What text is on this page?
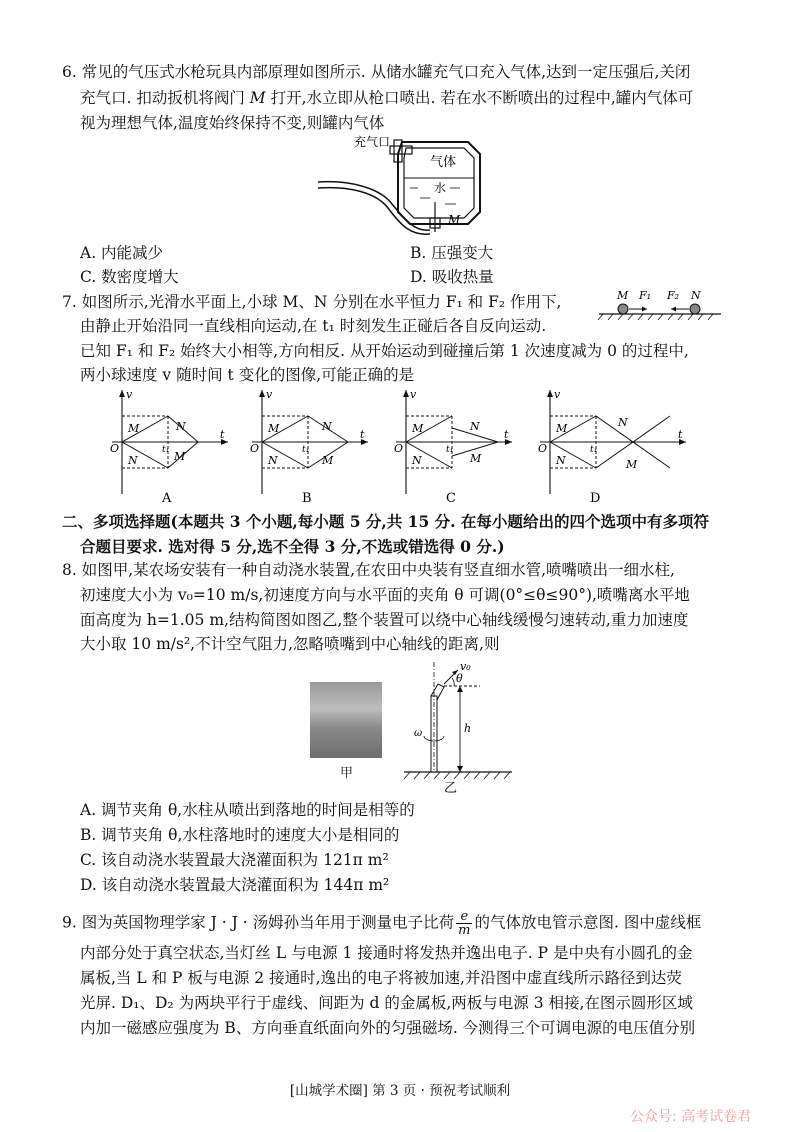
6. 常见的气压式水枪玩具内部原理如图所示. 从储水罐充气口充入气体,达到一定压强后,关闭
充气口. 扣动扳机将阀门 M 打开,水立即从枪口喷出. 若在水不断喷出的过程中,罐内气体可
视为理想气体,温度始终保持不变,则罐内气体
充气口
气体
水
M
A. 内能减少	B. 压强变大
C. 数密度增大	D. 吸收热量
7. 如图所示,光滑水平面上,小球 M、N 分别在水平恒力 F₁ 和 F₂ 作用下,
由静止开始沿同一直线相向运动,在 t₁ 时刻发生正碰后各自反向运动.
已知 F₁ 和 F₂ 始终大小相等,方向相反. 从开始运动到碰撞后第 1 次速度减为 0 的过程中,
两小球速度 v 随时间 t 变化的图像,可能正确的是
M F₁ F₂ N
v
t
O
M	N
N	M
t₁
A
v
t
O
M	N
N	M
t₁
B
v
t
O
M	N
N	M
t₁
C
v
t
O
M	N
N	M
t₁
D
二、多项选择题(本题共 3 个小题,每小题 5 分,共 15 分. 在每小题给出的四个选项中有多项符
合题目要求. 选对得 5 分,选不全得 3 分,不选或错选得 0 分.)
8. 如图甲,某农场安装有一种自动浇水装置,在农田中央装有竖直细水管,喷嘴喷出一细水柱,
初速度大小为 v₀=10 m/s,初速度方向与水平面的夹角 θ 可调(0°≤θ≤90°),喷嘴离水平地
面高度为 h=1.05 m,结构简图如图乙,整个装置可以绕中心轴线缓慢匀速转动,重力加速度
大小取 10 m/s²,不计空气阻力,忽略喷嘴到中心轴线的距离,则
甲
v₀
θ
h
ω
乙
A. 调节夹角 θ,水柱从喷出到落地的时间是相等的
B. 调节夹角 θ,水柱落地时的速度大小是相同的
C. 该自动浇水装置最大浇灌面积为 121π m²
D. 该自动浇水装置最大浇灌面积为 144π m²
9. 图为英国物理学家 J · J · 汤姆孙当年用于测量电子比荷 $\frac{e}{m}$ 的气体放电管示意图. 图中虚线框
内部分处于真空状态,当灯丝 L 与电源 1 接通时将发热并逸出电子. P 是中央有小圆孔的金
属板,当 L 和 P 板与电源 2 接通时,逸出的电子将被加速,并沿图中虚直线所示路径到达荧
光屏. D₁、D₂ 为两块平行于虚线、间距为 d 的金属板,两板与电源 3 相接,在图示圆形区域
内加一磁感应强度为 B、方向垂直纸面向外的匀强磁场. 今测得三个可调电源的电压值分别
[山城学术圈] 第 3 页 · 预祝考试顺利
公众号: 高考试卷君
